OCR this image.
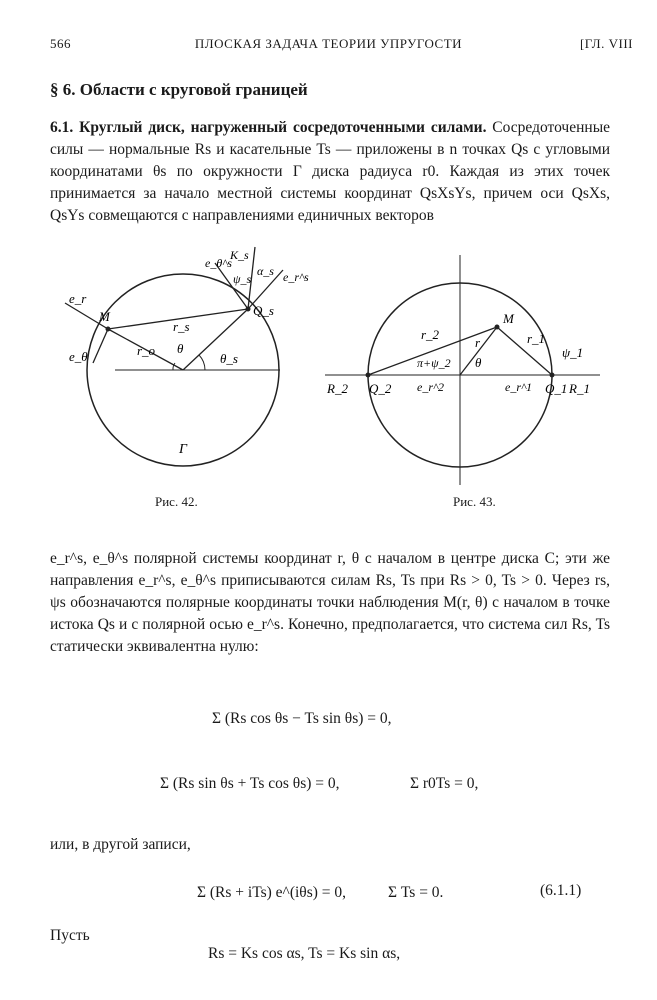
566	ПЛОСКАЯ ЗАДАЧА ТЕОРИИ УПРУГОСТИ	[ГЛ. VIII
§ 6. Области с круговой границей
6.1. Круглый диск, нагруженный сосредоточенными силами. Сосредоточенные силы — нормальные Rs и касательные Ts — приложены в n точках Qs с угловыми координатами θs по окружности Γ диска радиуса r0. Каждая из этих точек принимается за начало местной системы координат QsXsYs, причем оси QsXs, QsYs совмещаются с направлениями единичных векторов
e_r
e_θ
M
r_s
r_o θ
θ_s
Q_s
K_s
ψ_s
α_s e_r^s
e_θ^s
Γ
Рис. 42.
M
r_2	r_1
r
π+ψ_2 θ
ψ_1
R_2 Q_2 e_r^2	e_r^1 Q_1 R_1
Рис. 43.
e_r^s, e_θ^s полярной системы координат r, θ с началом в центре диска C; эти же направления e_r^s, e_θ^s приписываются силам Rs, Ts при Rs > 0, Ts > 0. Через rs, ψs обозначаются полярные координаты точки наблюдения M(r, θ) с началом в точке истока Qs и с полярной осью e_r^s. Конечно, предполагается, что система сил Rs, Ts статически эквивалентна нулю:
Σ (Rs cos θs − Ts sin θs) = 0,
Σ (Rs sin θs + Ts cos θs) = 0,	Σ r0Ts = 0,
или, в другой записи,
Σ (Rs + iTs) e^(iθs) = 0,	Σ Ts = 0.	(6.1.1)
Пусть
Rs = Ks cos αs, Ts = Ks sin αs,
